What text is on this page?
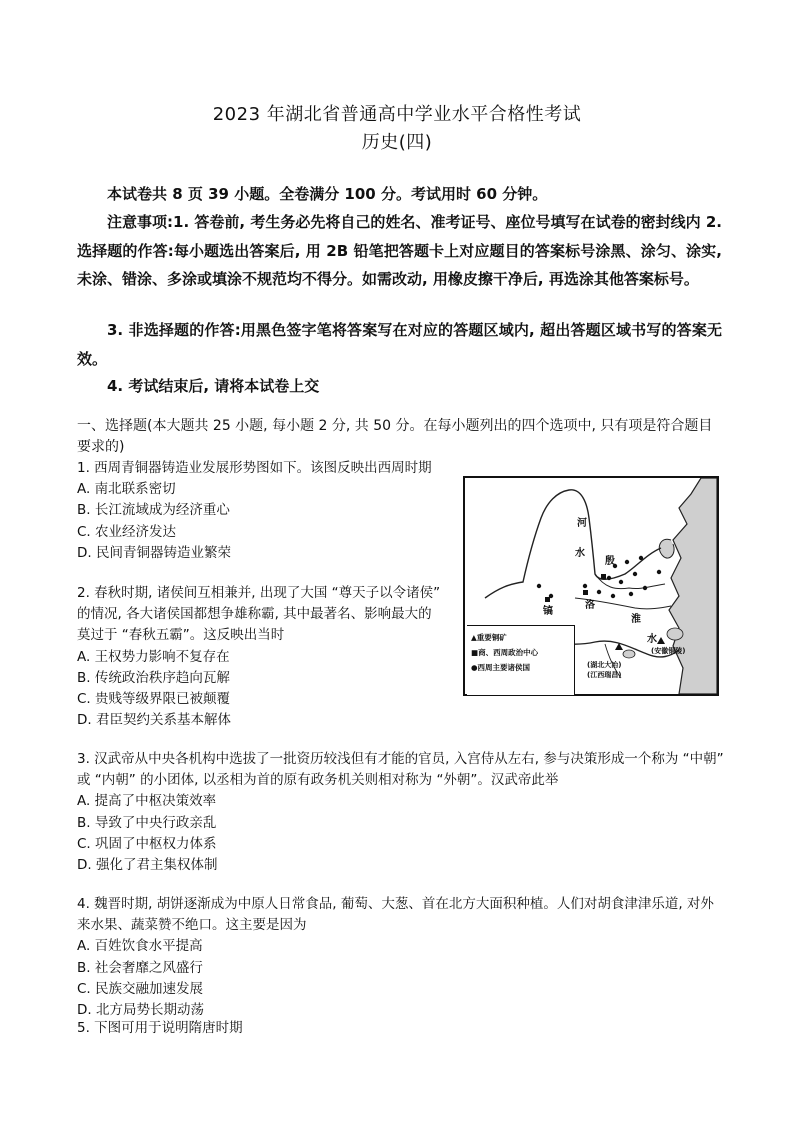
2023 年湖北省普通高中学业水平合格性考试
历史(四)

本试卷共 8 页 39 小题。全卷满分 100 分。考试用时 60 分钟。

注意事项:1. 答卷前, 考生务必先将自己的姓名、准考证号、座位号填写在试卷的密封线内 2. 选择题的作答:每小题选出答案后, 用 2B 铅笔把答题卡上对应题目的答案标号涂黑、涂匀、涂实, 未涂、错涂、多涂或填涂不规范均不得分。如需改动, 用橡皮擦干净后, 再选涂其他答案标号。

3. 非选择题的作答:用黑色签字笔将答案写在对应的答题区域内, 超出答题区域书写的答案无效。

4. 考试结束后, 请将本试卷上交

一、选择题(本大题共 25 小题, 每小题 2 分, 共 50 分。在每小题列出的四个选项中, 只有项是符合题目要求的)

1. 西周青铜器铸造业发展形势图如下。该图反映出西周时期

A. 南北联系密切

B. 长江流域成为经济重心

C. 农业经济发达

D. 民间青铜器铸造业繁荣

2. 春秋时期, 诸侯间互相兼并, 出现了大国 “尊天子以令诸侯” 的情况, 各大诸侯国都想争雄称霸, 其中最著名、影响最大的莫过于 “春秋五霸”。这反映出当时

A. 王权势力影响不复存在

B. 传统政治秩序趋向瓦解

C. 贵贱等级界限已被颠覆

D. 君臣契约关系基本解体

3. 汉武帝从中央各机构中选拔了一批资历较浅但有才能的官员, 入宫侍从左右, 参与决策形成一个称为 “中朝” 或 “内朝” 的小团体, 以丞相为首的原有政务机关则相对称为 “外朝”。汉武帝此举

A. 提高了中枢决策效率

B. 导致了中央行政亲乱

C. 巩固了中枢权力体系

D. 强化了君主集权体制

4. 魏晋时期, 胡饼逐渐成为中原人日常食品, 葡萄、大葱、首在北方大面积种植。人们对胡食津津乐道, 对外来水果、蔬菜赞不绝口。这主要是因为

A. 百姓饮食水平提高

B. 社会奢靡之风盛行

C. 民族交融加速发展

D. 北方局势长期动荡

5. 下图可用于说明隋唐时期

河
水
殷
镐
洛
淮
水
(湖北大冶)
(江西瑞昌)
(安徽铜陵)
▲重要铜矿
■商、西周政治中心
●西周主要诸侯国
